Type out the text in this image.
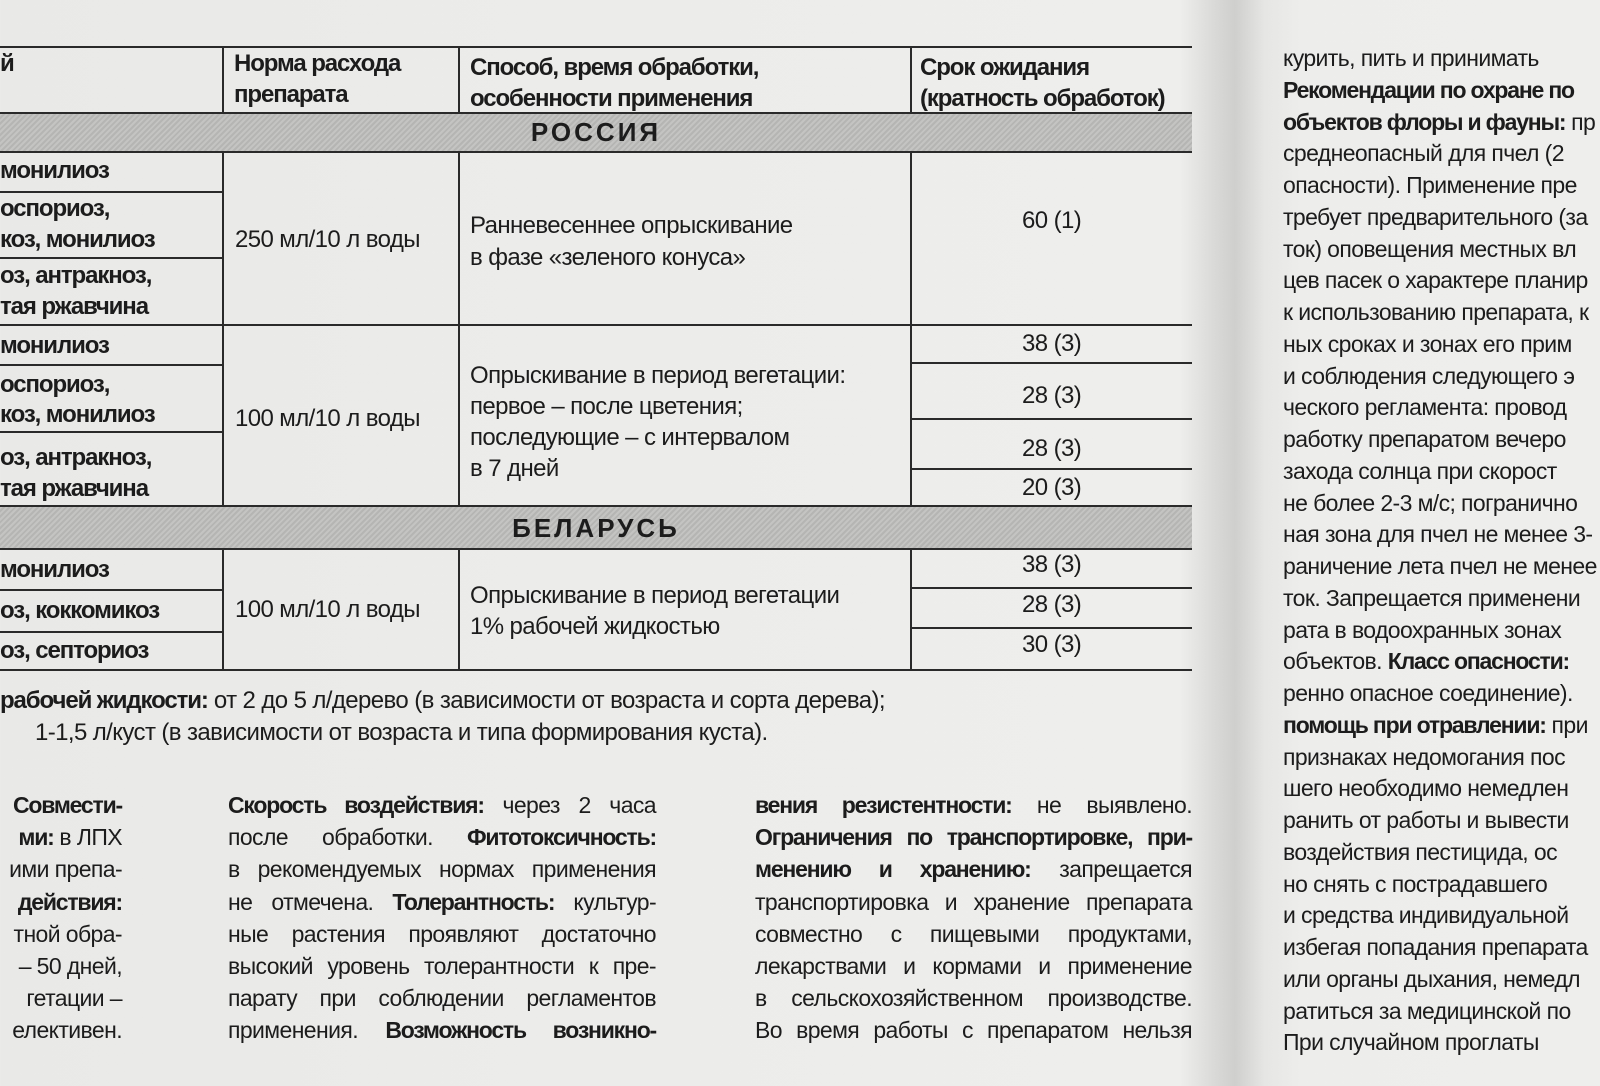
РОССИЯ
БЕЛАРУСЬ
й	Норма расхода
препарата
Способ, время обработки,
особенности применения
Срок ожидания
(кратность обработок)
монилиоз
оспориоз,
коз, монилиоз
оз, антракноз,
тая ржавчина
250 мл/10 л воды
Ранневесеннее опрыскивание
в фазе «зеленого конуса»
60 (1)
монилиоз
оспориоз,
коз, монилиоз
оз, антракноз,
тая ржавчина
100 мл/10 л воды
Опрыскивание в период вегетации:
первое – после цветения;
последующие – с интервалом
в 7 дней
38 (3)
28 (3)
28 (3)
20 (3)
монилиоз
оз, коккомикоз
оз, септориоз
100 мл/10 л воды
Опрыскивание в период вегетации
1% рабочей жидкостью
38 (3)
28 (3)
30 (3)
рабочей жидкости: от 2 до 5 л/дерево (в зависимости от возраста и сорта дерева);
1-1,5 л/куст (в зависимости от возраста и типа формирования куста).
Совмести-
ми: в ЛПХ
ими препа-
действия:
тной обра-
– 50 дней,
гетации –
елективен.
Скорость воздействия: через 2 часа
после обработки. Фитотоксичность:
в рекомендуемых нормах применения
не отмечена. Толерантность: культур-
ные растения проявляют достаточно
высокий уровень толерантности к пре-
парату при соблюдении регламентов
применения. Возможность возникно-
вения резистентности: не выявлено.
Ограничения по транспортировке, при-
менению и хранению: запрещается
транспортировка и хранение препарата
совместно с пищевыми продуктами,
лекарствами и кормами и применение
в сельскохозяйственном производстве.
Во время работы с препаратом нельзя
курить, пить и принимать
Рекомендации по охране по
объектов флоры и фауны: пр
среднеопасный для пчел (2
опасности). Применение пре
требует предварительного (за
ток) оповещения местных вл
цев пасек о характере планир
к использованию препарата, к
ных сроках и зонах его прим
и соблюдения следующего э
ческого регламента: провод
работку препаратом вечеро
захода солнца при скорост
не более 2-3 м/с; пограничнo
ная зона для пчел не менее 3-
раничение лета пчел не менее
ток. Запрещается применени
рата в водоохранных зонах
объектов. Класс опасности:
ренно опасное соединение).
помощь при отравлении: при
признаках недомогания пос
шего необходимо немедлен
ранить от работы и вывести
воздействия пестицида, ос
но снять с пострадавшего
и средства индивидуальной
избегая попадания препарата
или органы дыхания, немедл
ратиться за медицинской по
При случайном проглаты
